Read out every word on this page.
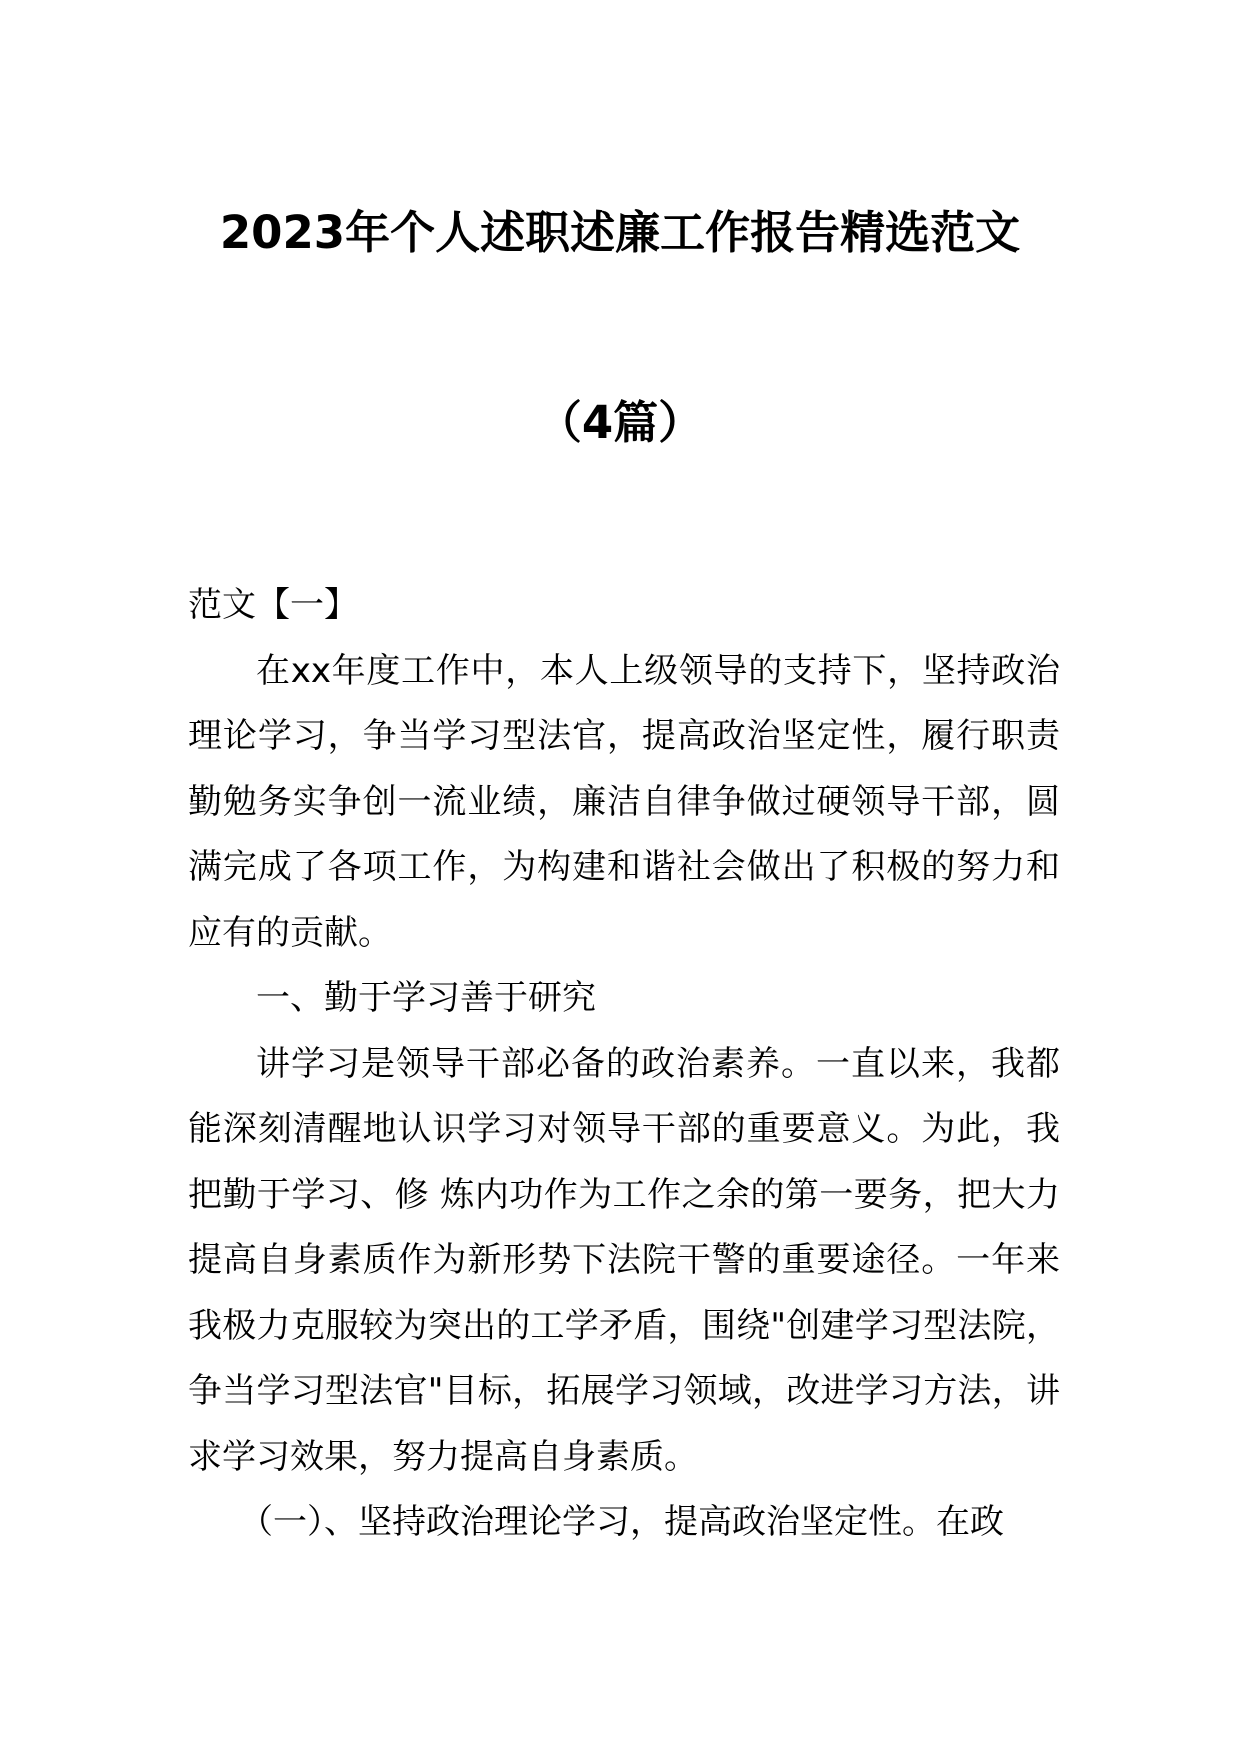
2023年个人述职述廉工作报告精选范文
（4篇）

范文【一】

在xx年度工作中，本人上级领导的支持下，坚持政治理论学习，争当学习型法官，提高政治坚定性，履行职责勤勉务实争创一流业绩，廉洁自律争做过硬领导干部，圆满完成了各项工作，为构建和谐社会做出了积极的努力和应有的贡献。

一、勤于学习善于研究

讲学习是领导干部必备的政治素养。一直以来，我都能深刻清醒地认识学习对领导干部的重要意义。为此，我把勤于学习、修 炼内功作为工作之余的第一要务，把大力提高自身素质作为新形势下法院干警的重要途径。一年来我极力克服较为突出的工学矛盾，围绕"创建学习型法院，争当学习型法官"目标，拓展学习领域，改进学习方法，讲求学习效果，努力提高自身素质。

（一）、坚持政治理论学习，提高政治坚定性。在政
